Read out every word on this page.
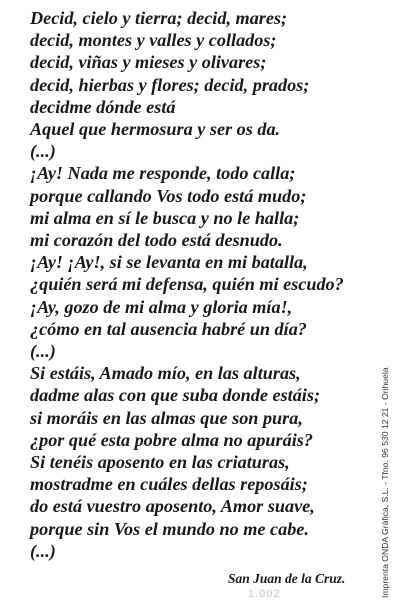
Decid, cielo y tierra; decid, mares;
decid, montes y valles y collados;
decid, viñas y mieses y olivares;
decid, hierbas y flores; decid, prados;
decidme dónde está
Aquel que hermosura y ser os da.
(...)
¡Ay! Nada me responde, todo calla;
porque callando Vos todo está mudo;
mi alma en sí le busca y no le halla;
mi corazón del todo está desnudo.
¡Ay! ¡Ay!, si se levanta en mi batalla,
¿quién será mi defensa, quién mi escudo?
¡Ay, gozo de mi alma y gloria mía!,
¿cómo en tal ausencia habré un día?
(...)
Si estáis, Amado mío, en las alturas,
dadme alas con que suba donde estáis;
si moráis en las almas que son pura,
¿por qué esta pobre alma no apuráis?
Si tenéis aposento en las criaturas,
mostradme en cuáles dellas reposáis;
do está vuestro aposento, Amor suave,
porque sin Vos el mundo no me cabe.
(...)
San Juan de la Cruz.
1.002	Imprenta ONDA Gráfica, S.L. - Tfno. 96 530 12 21 - Orihuela
